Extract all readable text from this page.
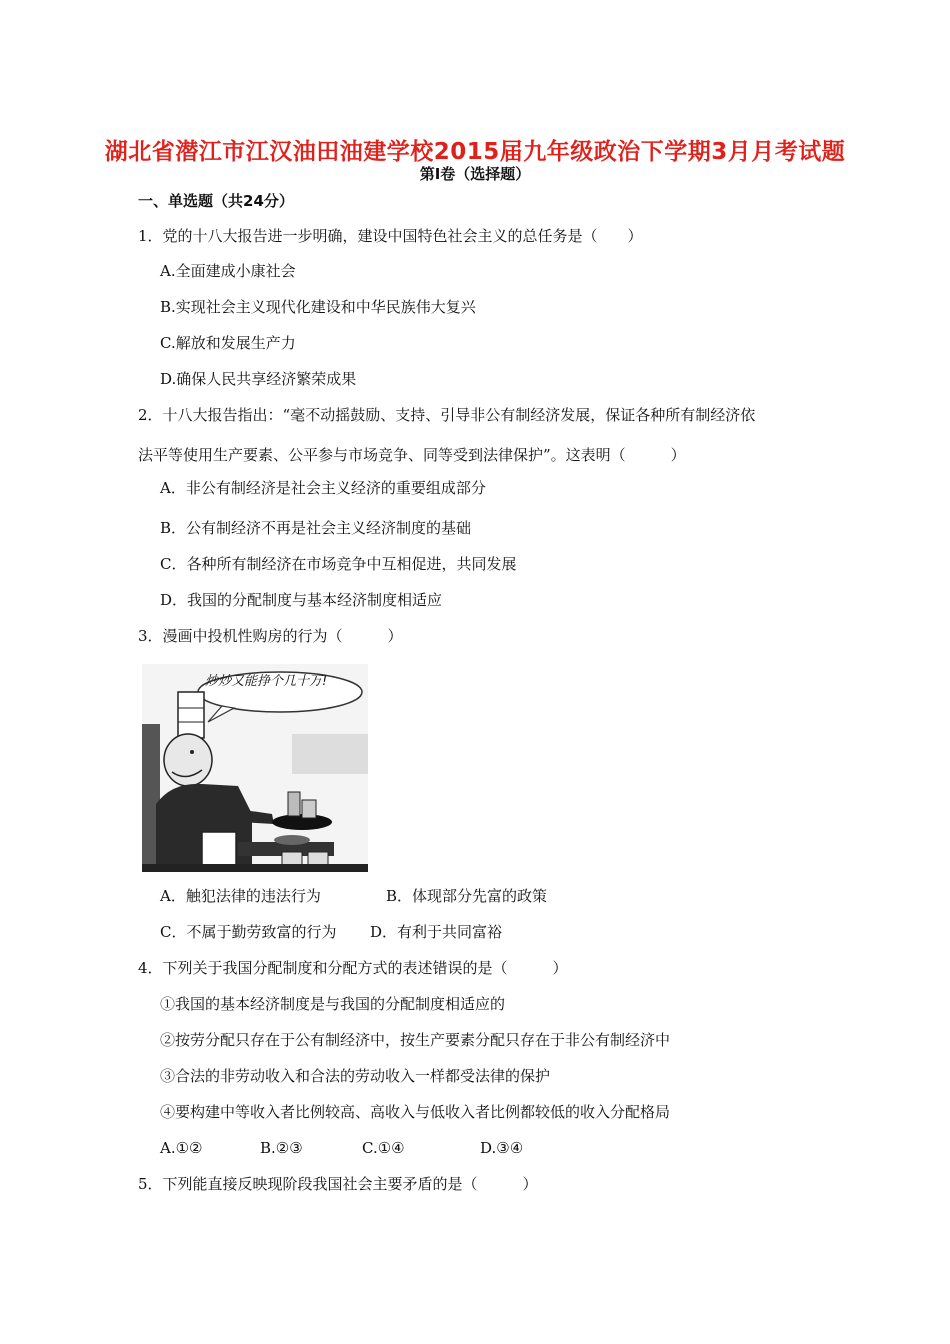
湖北省潜江市江汉油田油建学校2015届九年级政治下学期3月月考试题
第Ⅰ卷（选择题）
一、单选题（共24分）
1．党的十八大报告进一步明确，建设中国特色社会主义的总任务是（　　）
A.全面建成小康社会
B.实现社会主义现代化建设和中华民族伟大复兴
C.解放和发展生产力
D.确保人民共享经济繁荣成果
2．十八大报告指出：“毫不动摇鼓励、支持、引导非公有制经济发展，保证各种所有制经济依
法平等使用生产要素、公平参与市场竞争、同等受到法律保护”。这表明（　　　）
A．非公有制经济是社会主义经济的重要组成部分
B．公有制经济不再是社会主义经济制度的基础
C．各种所有制经济在市场竞争中互相促进，共同发展
D．我国的分配制度与基本经济制度相适应
3．漫画中投机性购房的行为（　　　）
炒炒又能挣个几十万!
A．触犯法律的违法行为	B．体现部分先富的政策
C．不属于勤劳致富的行为 D．有利于共同富裕
4．下列关于我国分配制度和分配方式的表述错误的是（　　　）
①我国的基本经济制度是与我国的分配制度相适应的
②按劳分配只存在于公有制经济中，按生产要素分配只存在于非公有制经济中
③合法的非劳动收入和合法的劳动收入一样都受法律的保护
④要构建中等收入者比例较高、高收入与低收入者比例都较低的收入分配格局
A.①②	B.②③	C.①④	D.③④
5．下列能直接反映现阶段我国社会主要矛盾的是（　　　）
